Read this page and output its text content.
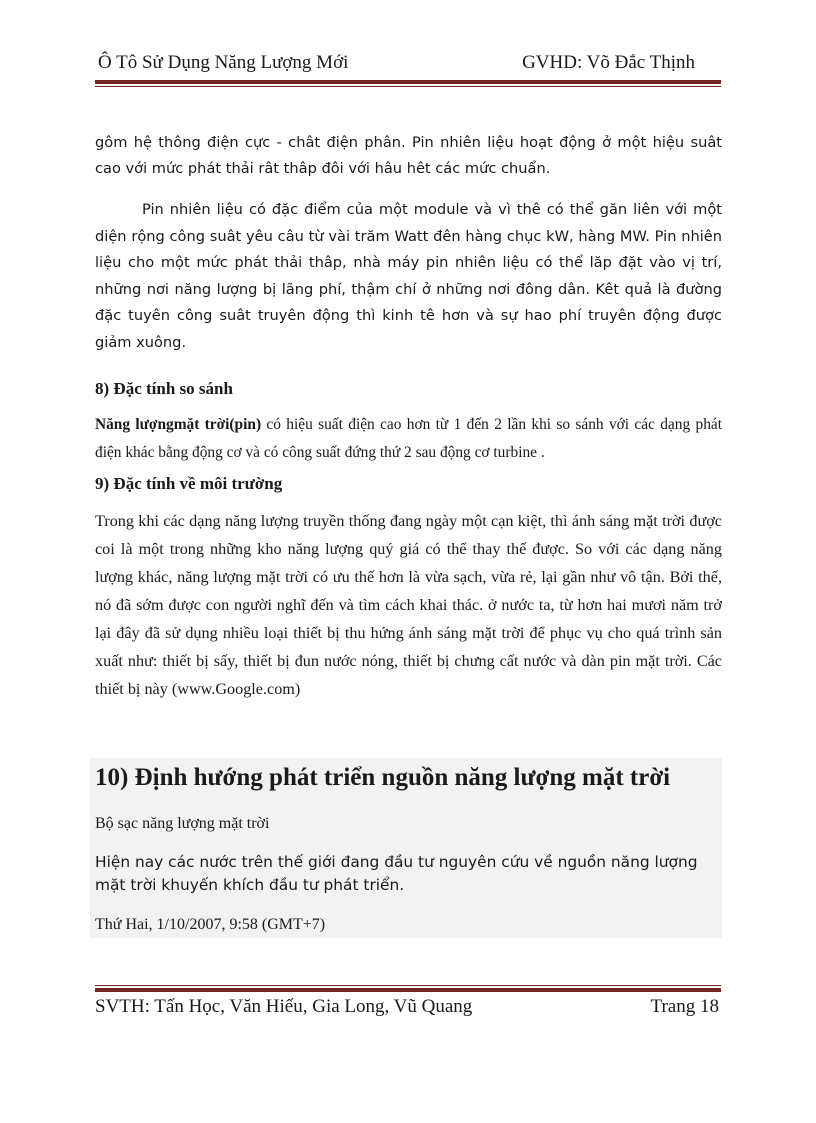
Ô Tô Sử Dụng Năng Lượng Mới	GVHD: Võ Đắc Thịnh

gôm hệ thông điện cực - chât điện phân. Pin nhiên liệu hoạt động ở một hiệu suât cao với mức phát thải rât thâp đôi với hâu hêt các mức chuẩn.

Pin nhiên liệu có đặc điểm của một module và vì thê có thể găn liên với một diện rộng công suât yêu câu từ vài trăm Watt đên hàng chục kW, hàng MW. Pin nhiên liệu cho một mức phát thải thâp, nhà máy pin nhiên liệu có thể lăp đặt vào vị trí, những nơi năng lượng bị lãng phí, thậm chí ở những nơi đông dân. Kêt quả là đường đặc tuyên công suât truyên động thì kinh tê hơn và sự hao phí truyên động được giảm xuông.

8) Đặc tính so sánh

Năng lượngmặt trời(pin) có hiệu suất điện cao hơn từ 1 đến 2 lần khi so sánh với các dạng phát điện khác bằng động cơ và có công suất đứng thứ 2 sau động cơ turbine .

9) Đặc tính về môi trường

Trong khi các dạng năng lượng truyền thống đang ngày một cạn kiệt, thì ánh sáng mặt trời được coi là một trong những kho năng lượng quý giá có thể thay thế được. So với các dạng năng lượng khác, năng lượng mặt trời có ưu thế hơn là vừa sạch, vừa rẻ, lại gần như vô tận. Bởi thế, nó đã sớm được con người nghĩ đến và tìm cách khai thác. ở nước ta, từ hơn hai mươi năm trở lại đây đã sử dụng nhiều loại thiết bị thu hứng ánh sáng mặt trời để phục vụ cho quá trình sản xuất như: thiết bị sấy, thiết bị đun nước nóng, thiết bị chưng cất nước và dàn pin mặt trời. Các thiết bị này (www.Google.com)

10) Định hướng phát triển nguồn năng lượng mặt trời

Bộ sạc năng lượng mặt trời

Hiện nay các nước trên thế giới đang đầu tư nguyên cứu về nguồn năng lượng mặt trời khuyến khích đầu tư phát triển.

Thứ Hai, 1/10/2007, 9:58 (GMT+7)

SVTH: Tấn Học, Văn Hiếu, Gia Long, Vũ Quang	Trang 18
